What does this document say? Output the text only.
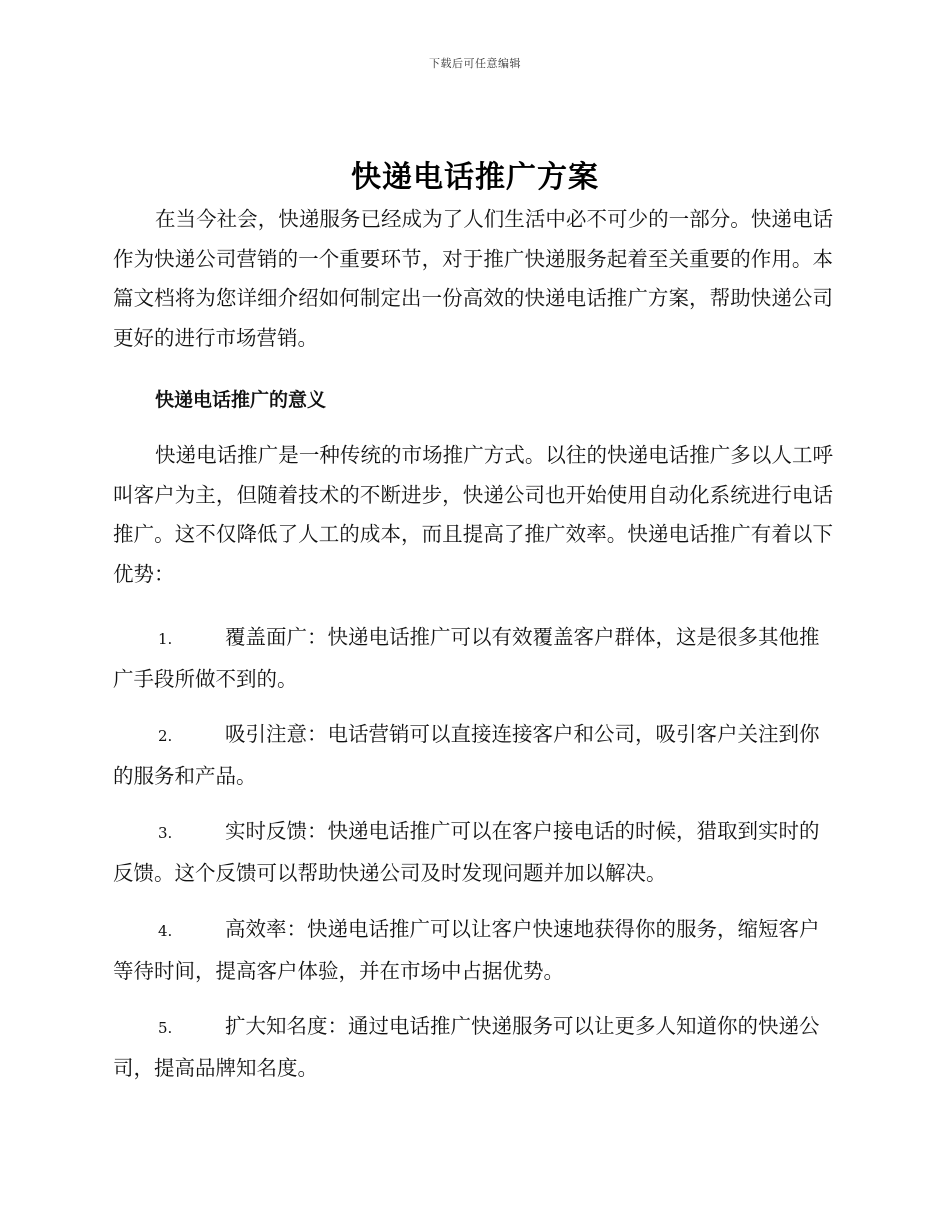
下载后可任意编辑
快递电话推广方案

在当今社会，快递服务已经成为了人们生活中必不可少的一部分。快递电话作为快递公司营销的一个重要环节，对于推广快递服务起着至关重要的作用。本篇文档将为您详细介绍如何制定出一份高效的快递电话推广方案，帮助快递公司更好的进行市场营销。

快递电话推广的意义

快递电话推广是一种传统的市场推广方式。以往的快递电话推广多以人工呼叫客户为主，但随着技术的不断进步，快递公司也开始使用自动化系统进行电话推广。这不仅降低了人工的成本，而且提高了推广效率。快递电话推广有着以下优势：

1.	覆盖面广：快递电话推广可以有效覆盖客户群体，这是很多其他推广手段所做不到的。

2.	吸引注意：电话营销可以直接连接客户和公司，吸引客户关注到你的服务和产品。

3.	实时反馈：快递电话推广可以在客户接电话的时候，猎取到实时的反馈。这个反馈可以帮助快递公司及时发现问题并加以解决。

4.	高效率：快递电话推广可以让客户快速地获得你的服务，缩短客户等待时间，提高客户体验，并在市场中占据优势。

5.	扩大知名度：通过电话推广快递服务可以让更多人知道你的快递公司，提高品牌知名度。
